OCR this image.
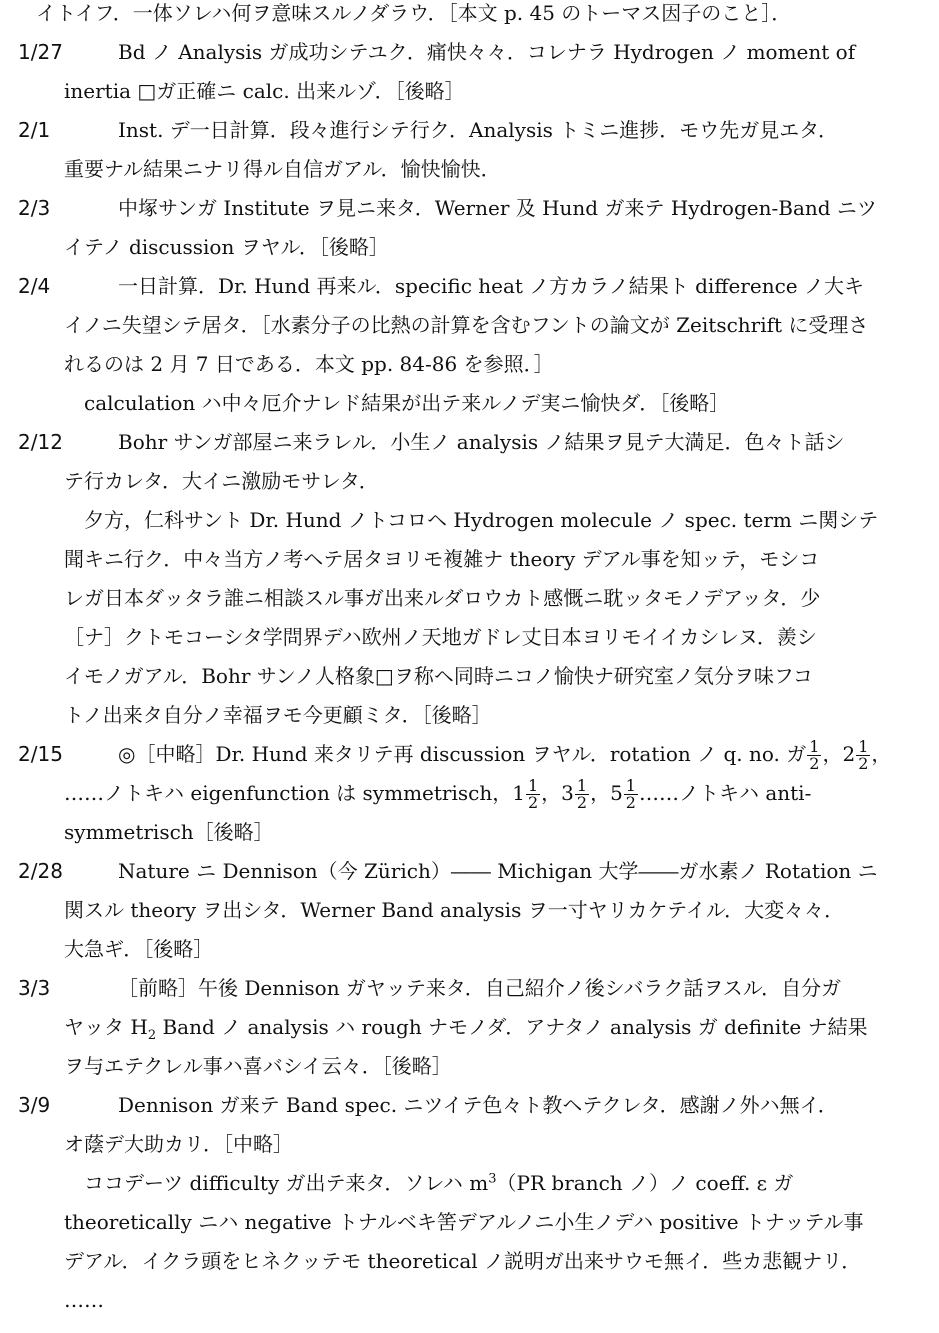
イトイフ．一体ソレハ何ヲ意味スルノダラウ．［本文 p. 45 のトーマス因子のこと］．
1/27	Bd ノ Analysis ガ成功シテユク．痛快々々．コレナラ Hydrogen ノ moment of
inertia □ガ正確ニ calc. 出来ルゾ．［後略］
2/1	Inst. デ一日計算．段々進行シテ行ク．Analysis トミニ進捗．モウ先ガ見エタ．
重要ナル結果ニナリ得ル自信ガアル．愉快愉快．
2/3	中塚サンガ Institute ヲ見ニ来タ．Werner 及 Hund ガ来テ Hydrogen-Band ニツ
イテノ discussion ヲヤル．［後略］
2/4	一日計算．Dr. Hund 再来ル．specific heat ノ方カラノ結果ト difference ノ大キ
イノニ失望シテ居タ．［水素分子の比熱の計算を含むフントの論文が Zeitschrift に受理さ
れるのは 2 月 7 日である．本文 pp. 84-86 を参照．］
calculation ハ中々厄介ナレド結果が出テ来ルノデ実ニ愉快ダ．［後略］
2/12	Bohr サンガ部屋ニ来ラレル．小生ノ analysis ノ結果ヲ見テ大満足．色々ト話シ
テ行カレタ．大イニ激励モサレタ．
夕方，仁科サント Dr. Hund ノトコロヘ Hydrogen molecule ノ spec. term ニ関シテ
聞キニ行ク．中々当方ノ考ヘテ居タヨリモ複雑ナ theory デアル事を知ッテ，モシコ
レガ日本ダッタラ誰ニ相談スル事ガ出来ルダロウカト感慨ニ耽ッタモノデアッタ．少
［ナ］クトモコーシタ学問界デハ欧州ノ天地ガドレ丈日本ヨリモイイカシレヌ．羨シ
イモノガアル．Bohr サンノ人格象□ヲ称ヘ同時ニコノ愉快ナ研究室ノ気分ヲ味フコ
トノ出来タ自分ノ幸福ヲモ今更顧ミタ．［後略］
2/15	◎［中略］Dr. Hund 来タリテ再 discussion ヲヤル．rotation ノ q. no. ガ $\frac{1}{2}$ ，$2 \frac{1}{2}$ ，
……ノトキハ eigenfunction は symmetrisch，$1 \frac{1}{2}$ ，$3 \frac{1}{2}$ ，$5 \frac{1}{2}$ ……ノトキハ anti-
symmetrisch［後略］
2/28	Nature ニ Dennison（今 Zürich）―― Michigan 大学――ガ水素ノ Rotation ニ
関スル theory ヲ出シタ．Werner Band analysis ヲ一寸ヤリカケテイル．大変々々．
大急ギ．［後略］
3/3	［前略］午後 Dennison ガヤッテ来タ．自己紹介ノ後シバラク話ヲスル．自分ガ
ヤッタ $H_2$ Band ノ analysis ハ rough ナモノダ．アナタノ analysis ガ definite ナ結果
ヲ与エテクレル事ハ喜バシイ云々．［後略］
3/9	Dennison ガ来テ Band spec. ニツイテ色々ト教ヘテクレタ．感謝ノ外ハ無イ．
オ蔭デ大助カリ．［中略］
ココデーツ difficulty ガ出テ来タ．ソレハ $m^3(PR$ branch ノ）ノ coeff. ε ガ
theoretically ニハ negative トナルベキ筈デアルノニ小生ノデハ positive トナッテル事
デアル．イクラ頭をヒネクッテモ theoretical ノ説明ガ出来サウモ無イ．些カ悲観ナリ．
……
